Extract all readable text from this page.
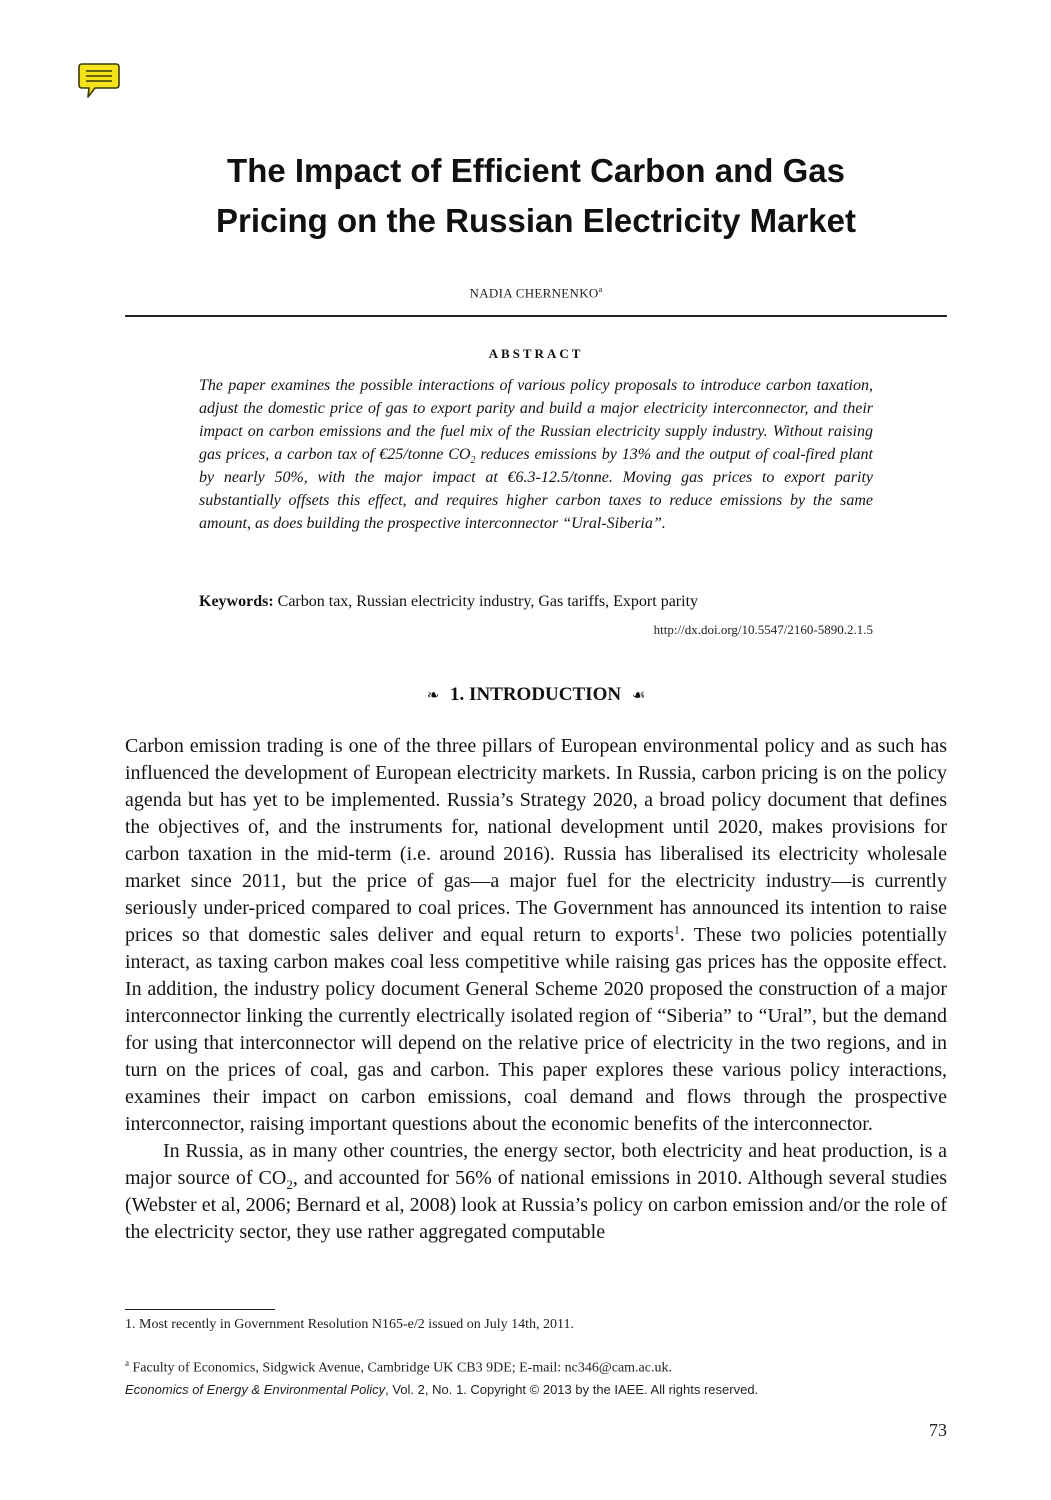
The Impact of Efficient Carbon and Gas
Pricing on the Russian Electricity Market
NADIA CHERNENKO$^a$
ABSTRACT

The paper examines the possible interactions of various policy proposals to introduce carbon taxation, adjust the domestic price of gas to export parity and build a major electricity interconnector, and their impact on carbon emissions and the fuel mix of the Russian electricity supply industry. Without raising gas prices, a carbon tax of €25/tonne $CO_2$ reduces emissions by 13% and the output of coal-fired plant by nearly 50%, with the major impact at €6.3-12.5/tonne. Moving gas prices to export parity substantially offsets this effect, and requires higher carbon taxes to reduce emissions by the same amount, as does building the prospective interconnector “Ural-Siberia”.

Keywords: Carbon tax, Russian electricity industry, Gas tariffs, Export parity
http://dx.doi.org/10.5547/2160-5890.2.1.5
❧ 1. INTRODUCTION ☙

Carbon emission trading is one of the three pillars of European environmental policy and as such has influenced the development of European electricity markets. In Russia, carbon pricing is on the policy agenda but has yet to be implemented. Russia’s Strategy 2020, a broad policy document that defines the objectives of, and the instruments for, national development until 2020, makes provisions for carbon taxation in the mid-term (i.e. around 2016). Russia has liberalised its electricity wholesale market since 2011, but the price of gas—a major fuel for the electricity industry—is currently seriously under-priced compared to coal prices. The Government has announced its intention to raise prices so that domestic sales deliver and equal return to exports$^1$. These two policies potentially interact, as taxing carbon makes coal less competitive while raising gas prices has the opposite effect. In addition, the industry policy document General Scheme 2020 proposed the construction of a major interconnector linking the currently electrically isolated region of “Siberia” to “Ural”, but the demand for using that interconnector will depend on the relative price of electricity in the two regions, and in turn on the prices of coal, gas and carbon. This paper explores these various policy interactions, examines their impact on carbon emissions, coal demand and flows through the prospective interconnector, raising important questions about the economic benefits of the interconnector.

In Russia, as in many other countries, the energy sector, both electricity and heat production, is a major source of $CO_2$, and accounted for 56% of national emissions in 2010. Although several studies (Webster et al, 2006; Bernard et al, 2008) look at Russia’s policy on carbon emission and/or the role of the electricity sector, they use rather aggregated computable

1. Most recently in Government Resolution N165-e/2 issued on July 14th, 2011.
$^a$ Faculty of Economics, Sidgwick Avenue, Cambridge UK CB3 9DE; E-mail: nc346@cam.ac.uk.
Economics of Energy & Environmental Policy, Vol. 2, No. 1. Copyright © 2013 by the IAEE. All rights reserved.
73
